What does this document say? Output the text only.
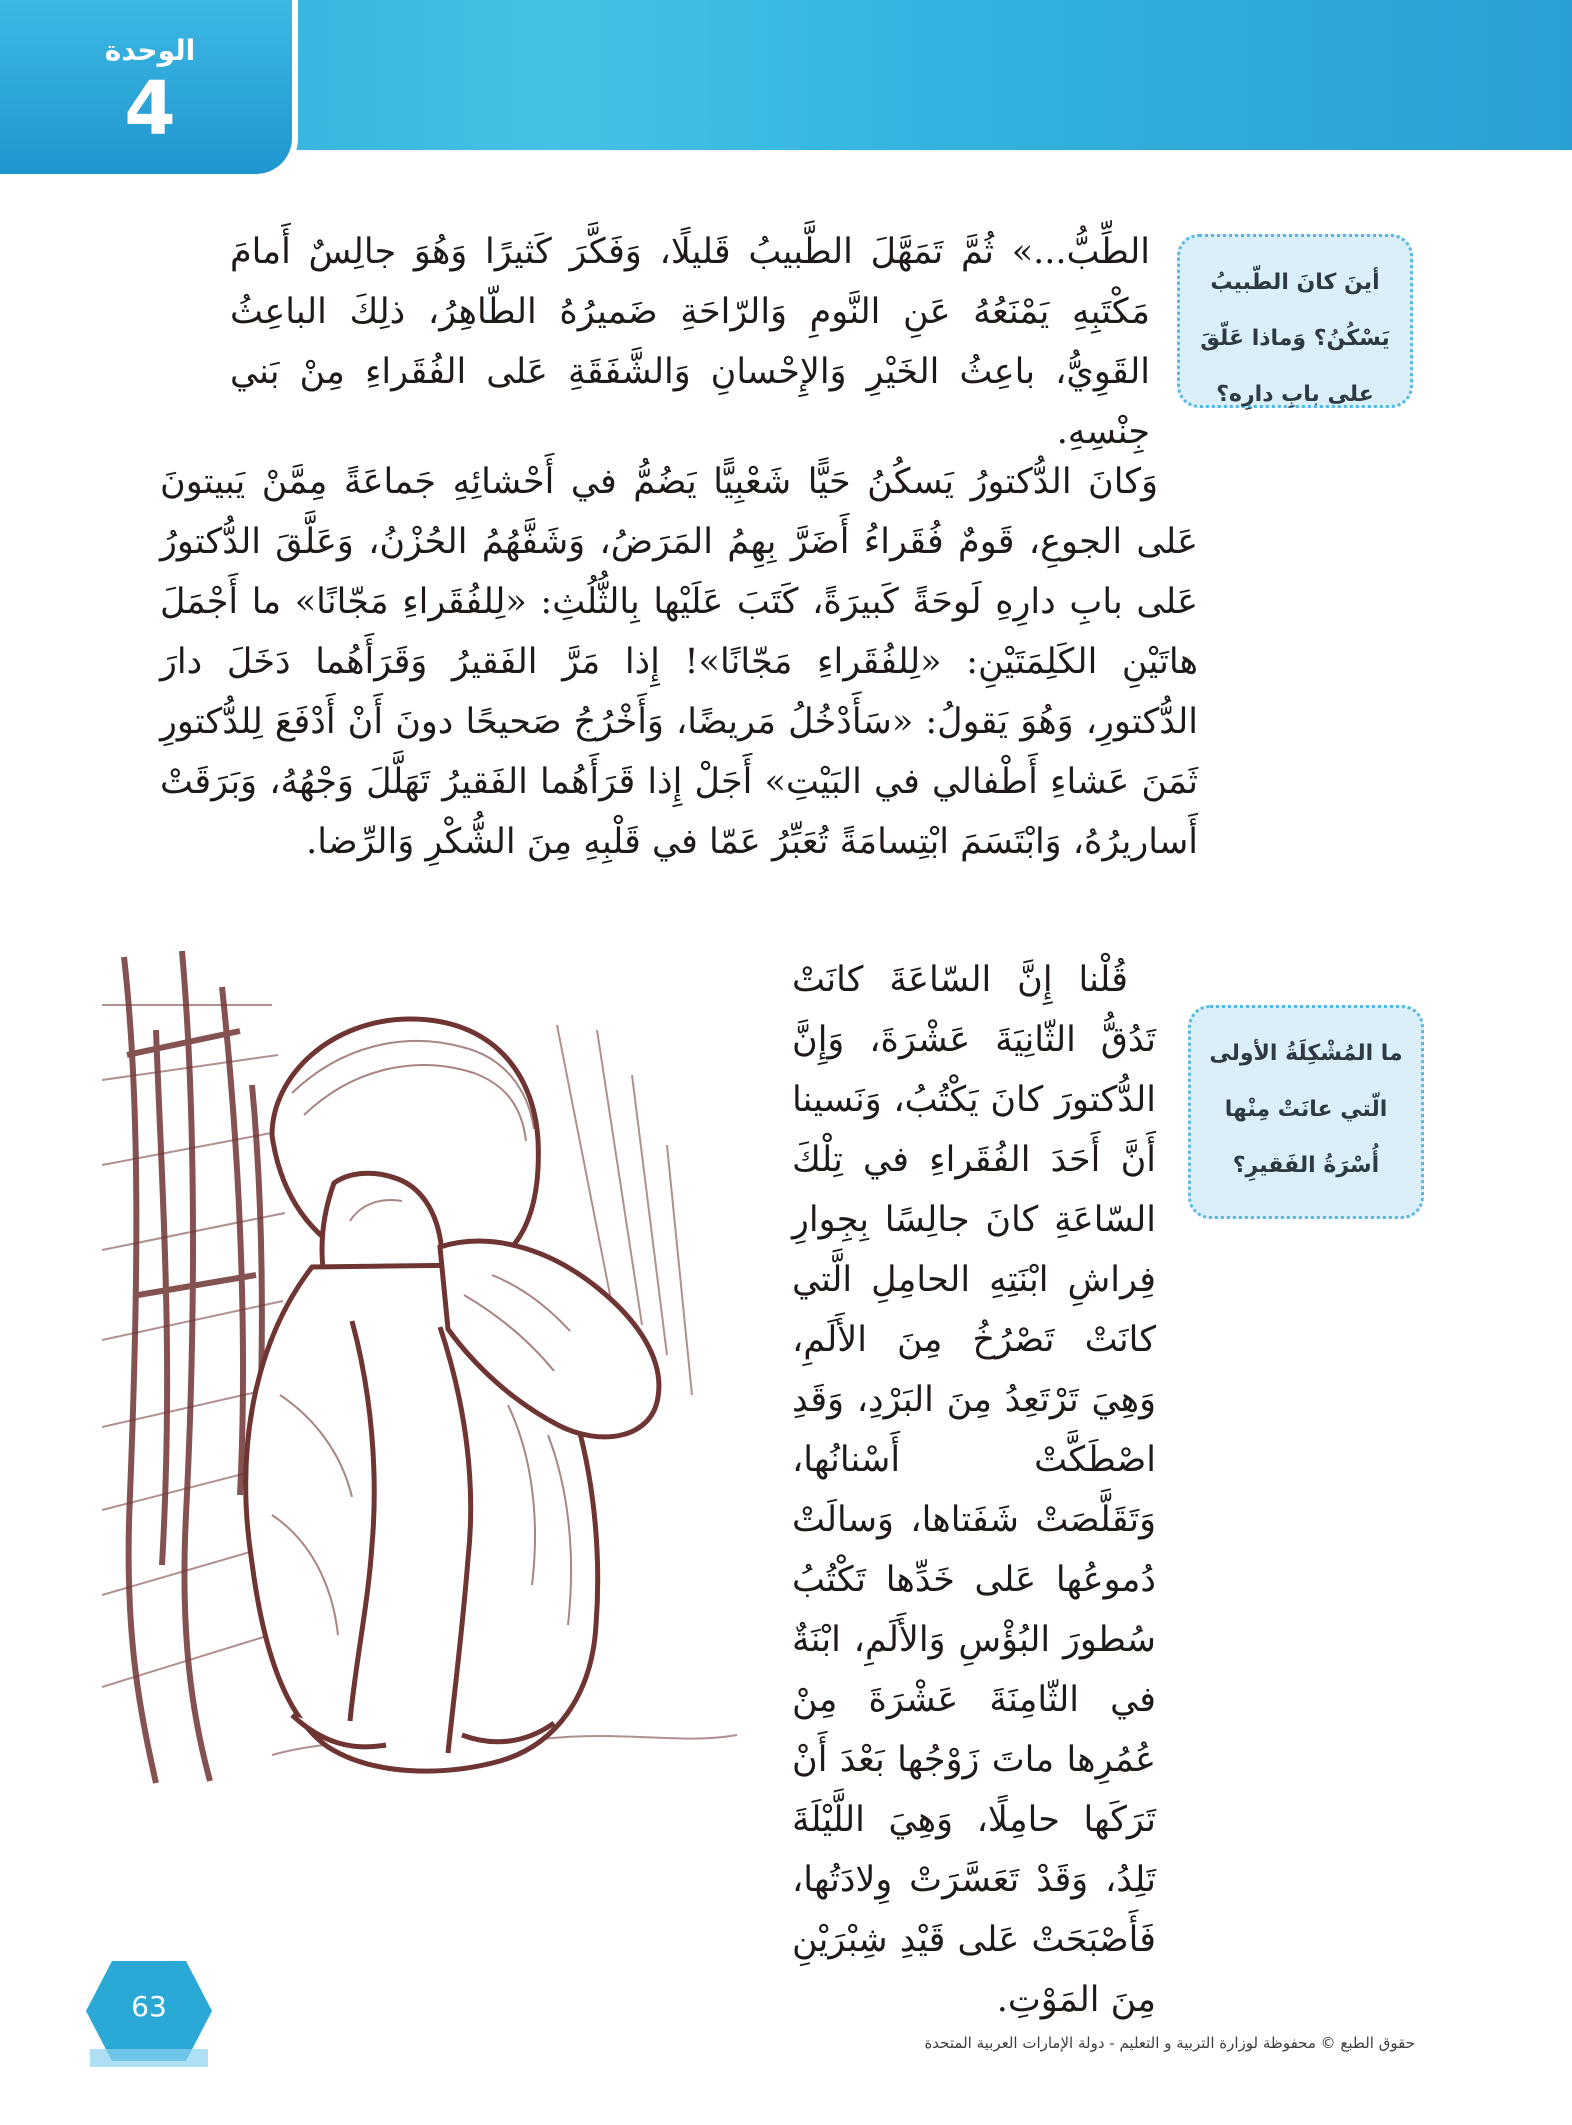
الوحدة
4
أينَ كانَ الطّبيبُ يَسْكُنُ؟ وَماذا عَلّقَ على بابِ دارِه؟

الطِّبُّ...» ثُمَّ تَمَهَّلَ الطَّبيبُ قَليلًا، وَفَكَّرَ كَثيرًا وَهُوَ جالِسٌ أَمامَ مَكْتَبِهِ يَمْنَعُهُ عَنِ النَّومِ وَالرّاحَةِ ضَميرُهُ الطّاهِرُ، ذلِكَ الباعِثُ القَوِيُّ، باعِثُ الخَيْرِ وَالإِحْسانِ وَالشَّفَقَةِ عَلى الفُقَراءِ مِنْ بَني جِنْسِهِ.

وَكانَ الدُّكتورُ يَسكُنُ حَيًّا شَعْبِيًّا يَضُمُّ في أَحْشائِهِ جَماعَةً مِمَّنْ يَبيتونَ عَلى الجوعِ، قَومٌ فُقَراءُ أَضَرَّ بِهِمُ المَرَضُ، وَشَفَّهُمُ الحُزْنُ، وَعَلَّقَ الدُّكتورُ عَلى بابِ دارِهِ لَوحَةً كَبيرَةً، كَتَبَ عَلَيْها بِالثُّلُثِ: «لِلفُقَراءِ مَجّانًا» ما أَجْمَلَ هاتَيْنِ الكَلِمَتَيْنِ: «لِلفُقَراءِ مَجّانًا»! إِذا مَرَّ الفَقيرُ وَقَرَأَهُما دَخَلَ دارَ الدُّكتورِ، وَهُوَ يَقولُ: «سَأَدْخُلُ مَريضًا، وَأَخْرُجُ صَحيحًا دونَ أَنْ أَدْفَعَ لِلدُّكتورِ ثَمَنَ عَشاءِ أَطْفالي في البَيْتِ» أَجَلْ إِذا قَرَأَهُما الفَقيرُ تَهَلَّلَ وَجْهُهُ، وَبَرَقَتْ أَساريرُهُ، وَابْتَسَمَ ابْتِسامَةً تُعَبِّرُ عَمّا في قَلْبِهِ مِنَ الشُّكْرِ وَالرِّضا.

ما المُشْكِلَةُ الأولى الّتي عانَتْ مِنْها أُسْرَةُ الفَقيرِ؟

قُلْنا إِنَّ السّاعَةَ كانَتْ تَدُقُّ الثّانِيَةَ عَشْرَةَ، وَإِنَّ الدُّكتورَ كانَ يَكْتُبُ، وَنَسينا أَنَّ أَحَدَ الفُقَراءِ في تِلْكَ السّاعَةِ كانَ جالِسًا بِجِوارِ فِراشِ ابْنَتِهِ الحامِلِ الَّتي كانَتْ تَصْرُخُ مِنَ الأَلَمِ، وَهِيَ تَرْتَعِدُ مِنَ البَرْدِ، وَقَدِ اصْطَكَّتْ أَسْنانُها، وَتَقَلَّصَتْ شَفَتاها، وَسالَتْ دُموعُها عَلى خَدِّها تَكْتُبُ سُطورَ البُؤْسِ وَالأَلَمِ، ابْنَةٌ في الثّامِنَةَ عَشْرَةَ مِنْ عُمُرِها ماتَ زَوْجُها بَعْدَ أَنْ تَرَكَها حامِلًا، وَهِيَ اللَّيْلَةَ تَلِدُ، وَقَدْ تَعَسَّرَتْ وِلادَتُها، فَأَصْبَحَتْ عَلى قَيْدِ شِبْرَيْنِ مِنَ المَوْتِ.

63
حقوق الطبع © محفوظة لوزارة التربية و التعليم - دولة الإمارات العربية المتحدة
